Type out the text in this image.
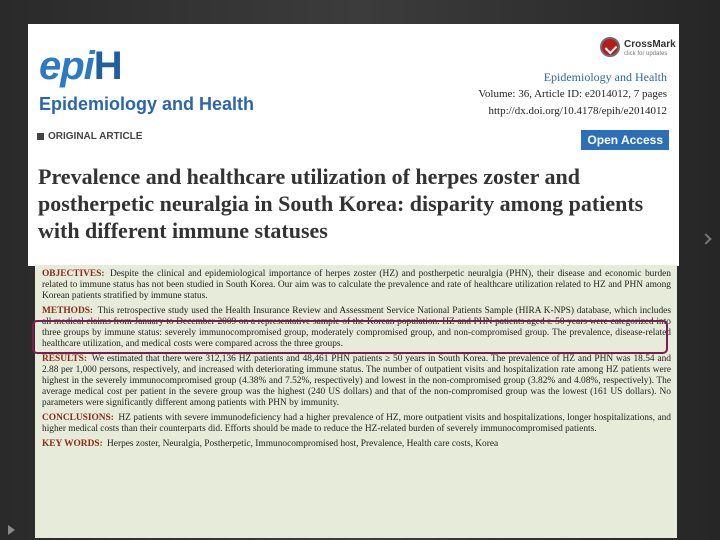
epiH
Epidemiology and Health
CrossMark
click for updates
Epidemiology and Health
Volume: 36, Article ID: e2014012, 7 pages
http://dx.doi.org/10.4178/epih/e2014012
ORIGINAL ARTICLE	Open Access
Prevalence and healthcare utilization of herpes zoster and postherpetic neuralgia in South Korea: disparity among patients with different immune statuses
OBJECTIVES: Despite the clinical and epidemiological importance of herpes zoster (HZ) and postherpetic neuralgia (PHN), their disease and economic burden related to immune status has not been studied in South Korea. Our aim was to calculate the prevalence and rate of healthcare utilization related to HZ and PHN among Korean patients stratified by immune status.
METHODS: This retrospective study used the Health Insurance Review and Assessment Service National Patients Sample (HIRA K-NPS) database, which includes all medical claims from January to December 2009 on a representative sample of the Korean population. HZ and PHN patients aged ≥ 50 years were categorized into three groups by immune status: severely immunocompromised group, moderately compromised group, and non-compromised group. The prevalence, disease-related healthcare utilization, and medical costs were compared across the three groups.
RESULTS: We estimated that there were 312,136 HZ patients and 48,461 PHN patients ≥ 50 years in South Korea. The prevalence of HZ and PHN was 18.54 and 2.88 per 1,000 persons, respectively, and increased with deteriorating immune status. The number of outpatient visits and hospitalization rate among HZ patients were highest in the severely immunocompromised group (4.38% and 7.52%, respectively) and lowest in the non-compromised group (3.82% and 4.08%, respectively). The average medical cost per patient in the severe group was the highest (240 US dollars) and that of the non-compromised group was the lowest (161 US dollars). No parameters were significantly different among patients with PHN by immunity.
CONCLUSIONS: HZ patients with severe immunodeficiency had a higher prevalence of HZ, more outpatient visits and hospitalizations, longer hospitalizations, and higher medical costs than their counterparts did. Efforts should be made to reduce the HZ-related burden of severely immunocompromised patients.
KEY WORDS: Herpes zoster, Neuralgia, Postherpetic, Immunocompromised host, Prevalence, Health care costs, Korea
